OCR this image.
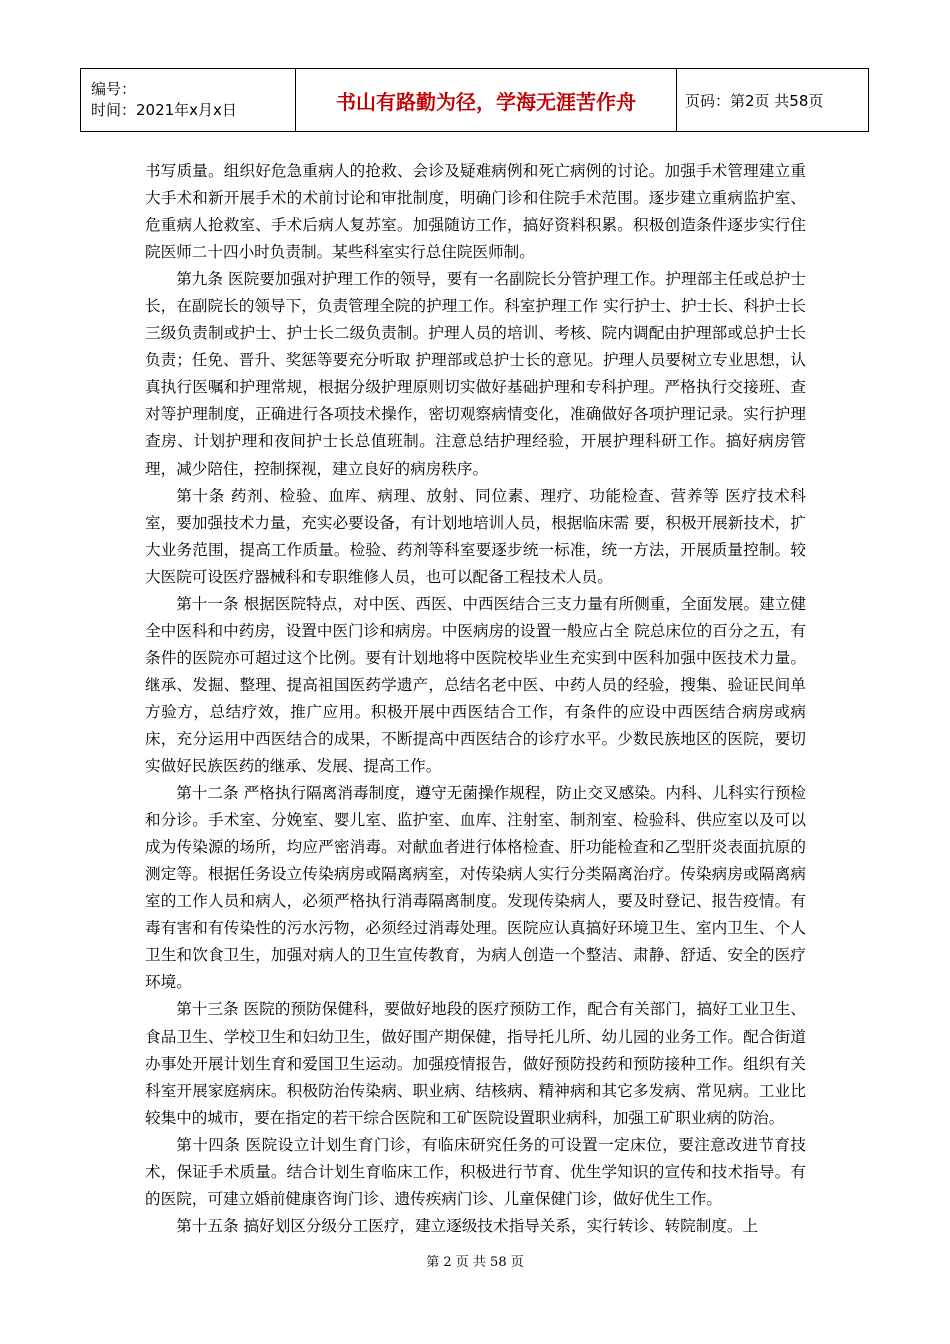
编号：
时间：2021年x月x日	书山有路勤为径，学海无涯苦作舟	页码：第2页 共58页

书写质量。组织好危急重病人的抢救、会诊及疑难病例和死亡病例的讨论。加强手术管理建立重大手术和新开展手术的术前讨论和审批制度，明确门诊和住院手术范围。逐步建立重病监护室、危重病人抢救室、手术后病人复苏室。加强随访工作，搞好资料积累。积极创造条件逐步实行住院医师二十四小时负责制。某些科室实行总住院医师制。

第九条 医院要加强对护理工作的领导，要有一名副院长分管护理工作。护理部主任或总护士长，在副院长的领导下，负责管理全院的护理工作。科室护理工作 实行护士、护士长、科护士长三级负责制或护士、护士长二级负责制。护理人员的培训、考核、院内调配由护理部或总护士长负责；任免、晋升、奖惩等要充分听取 护理部或总护士长的意见。护理人员要树立专业思想，认真执行医嘱和护理常规，根据分级护理原则切实做好基础护理和专科护理。严格执行交接班、查对等护理制度，正确进行各项技术操作，密切观察病情变化，准确做好各项护理记录。实行护理查房、计划护理和夜间护士长总值班制。注意总结护理经验，开展护理科研工作。搞好病房管理，减少陪住，控制探视，建立良好的病房秩序。

第十条 药剂、检验、血库、病理、放射、同位素、理疗、功能检查、营养等 医疗技术科室，要加强技术力量，充实必要设备，有计划地培训人员，根据临床需 要，积极开展新技术，扩大业务范围，提高工作质量。检验、药剂等科室要逐步统一标准，统一方法，开展质量控制。较大医院可设医疗器械科和专职维修人员，也可以配备工程技术人员。

第十一条 根据医院特点，对中医、西医、中西医结合三支力量有所侧重，全面发展。建立健全中医科和中药房，设置中医门诊和病房。中医病房的设置一般应占全 院总床位的百分之五，有条件的医院亦可超过这个比例。要有计划地将中医院校毕业生充实到中医科加强中医技术力量。继承、发掘、整理、提高祖国医药学遗产，总结名老中医、中药人员的经验，搜集、验证民间单方验方，总结疗效，推广应用。积极开展中西医结合工作，有条件的应设中西医结合病房或病床，充分运用中西医结合的成果，不断提高中西医结合的诊疗水平。少数民族地区的医院，要切实做好民族医药的继承、发展、提高工作。

第十二条 严格执行隔离消毒制度，遵守无菌操作规程，防止交叉感染。内科、儿科实行预检和分诊。手术室、分娩室、婴儿室、监护室、血库、注射室、制剂室、检验科、供应室以及可以成为传染源的场所，均应严密消毒。对献血者进行体格检查、肝功能检查和乙型肝炎表面抗原的测定等。根据任务设立传染病房或隔离病室，对传染病人实行分类隔离治疗。传染病房或隔离病室的工作人员和病人，必须严格执行消毒隔离制度。发现传染病人，要及时登记、报告疫情。有毒有害和有传染性的污水污物，必须经过消毒处理。医院应认真搞好环境卫生、室内卫生、个人卫生和饮食卫生，加强对病人的卫生宣传教育，为病人创造一个整洁、肃静、舒适、安全的医疗环境。

第十三条 医院的预防保健科，要做好地段的医疗预防工作，配合有关部门，搞好工业卫生、食品卫生、学校卫生和妇幼卫生，做好围产期保健，指导托儿所、幼儿园的业务工作。配合街道办事处开展计划生育和爱国卫生运动。加强疫情报告，做好预防投药和预防接种工作。组织有关科室开展家庭病床。积极防治传染病、职业病、结核病、精神病和其它多发病、常见病。工业比较集中的城市，要在指定的若干综合医院和工矿医院设置职业病科，加强工矿职业病的防治。

第十四条 医院设立计划生育门诊，有临床研究任务的可设置一定床位，要注意改进节育技术，保证手术质量。结合计划生育临床工作，积极进行节育、优生学知识的宣传和技术指导。有的医院，可建立婚前健康咨询门诊、遗传疾病门诊、儿童保健门诊，做好优生工作。

第十五条 搞好划区分级分工医疗，建立逐级技术指导关系，实行转诊、转院制度。上

第 2 页 共 58 页
